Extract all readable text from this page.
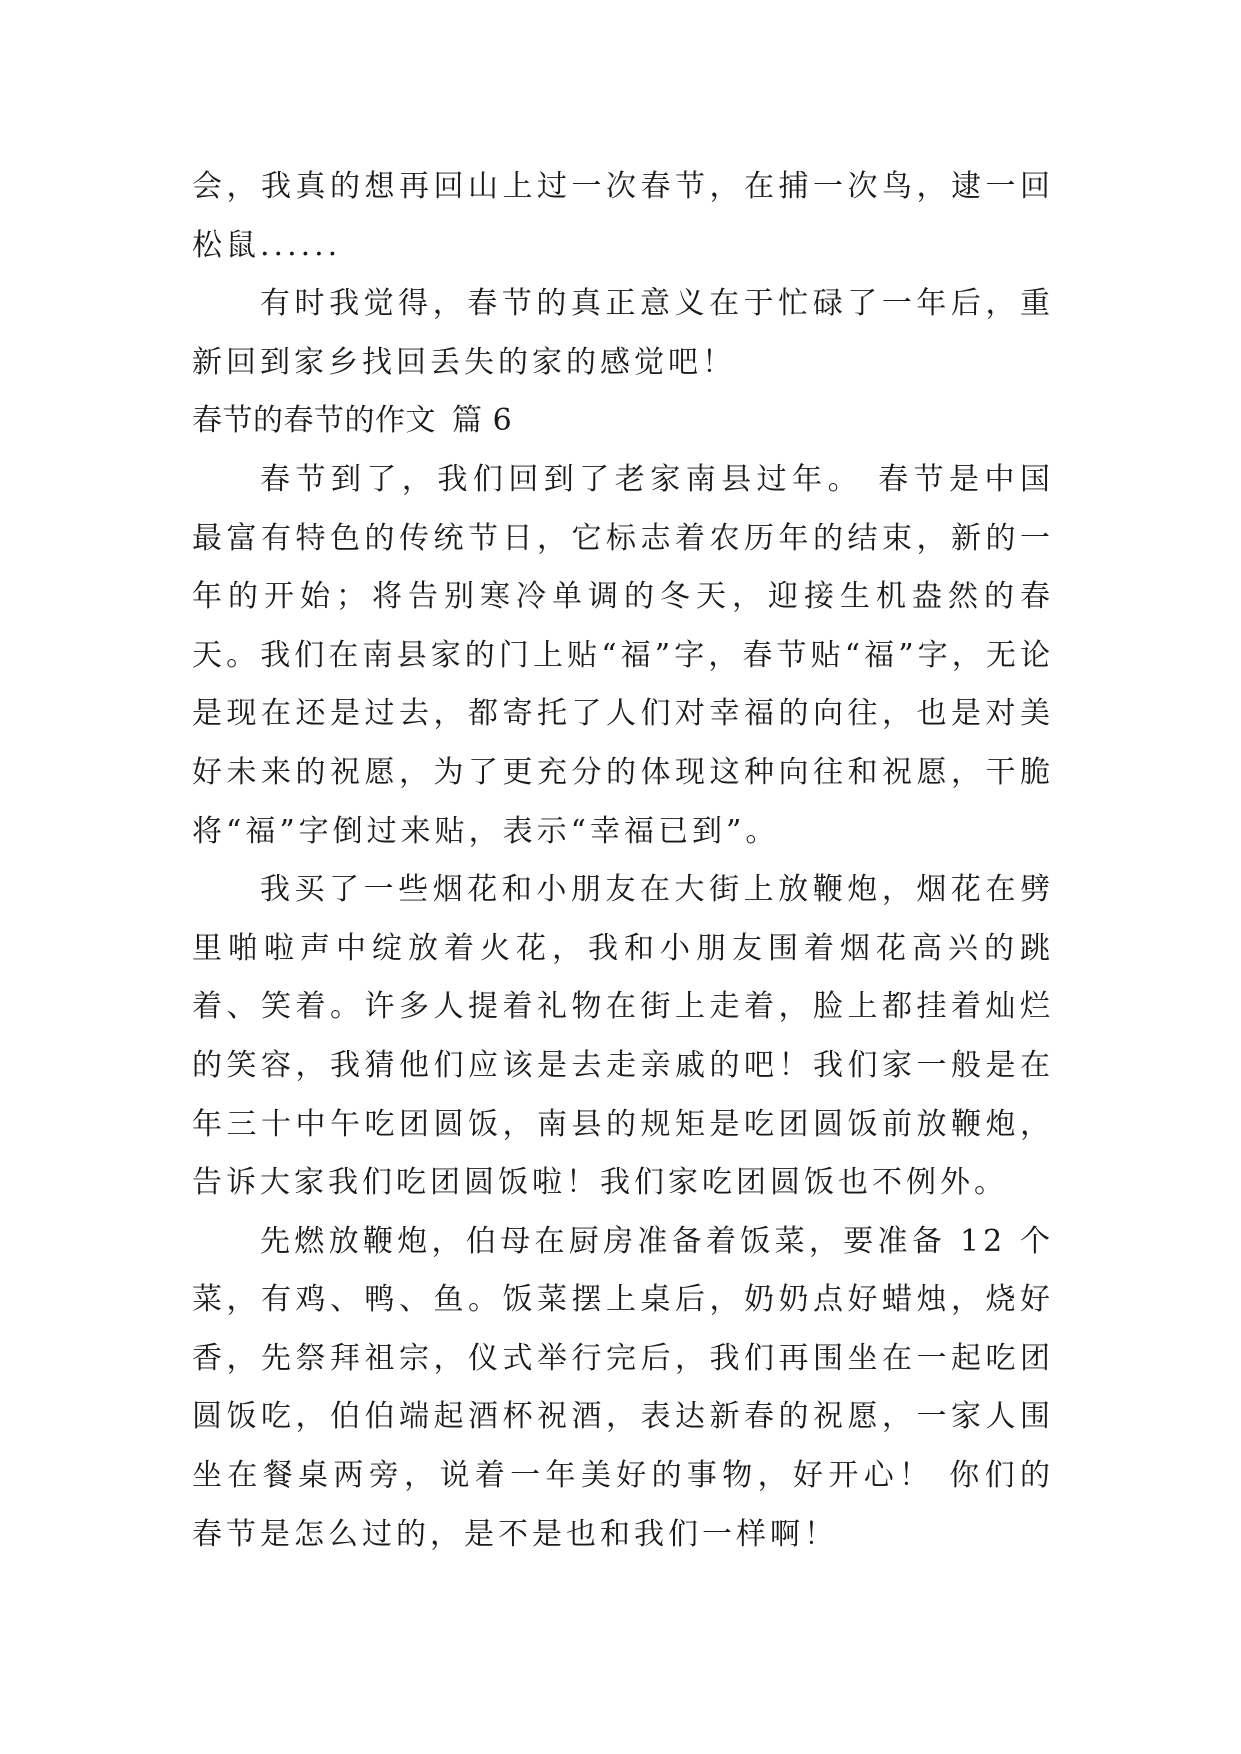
会，我真的想再回山上过一次春节，在捕一次鸟，逮一回松鼠......

有时我觉得，春节的真正意义在于忙碌了一年后，重新回到家乡找回丢失的家的感觉吧！

春节的春节的作文 篇 6

春节到了，我们回到了老家南县过年。 春节是中国最富有特色的传统节日，它标志着农历年的结束，新的一年的开始；将告别寒冷单调的冬天，迎接生机盎然的春天。我们在南县家的门上贴“福”字，春节贴“福”字，无论是现在还是过去，都寄托了人们对幸福的向往，也是对美好未来的祝愿，为了更充分的体现这种向往和祝愿，干脆将“福”字倒过来贴，表示“幸福已到”。

我买了一些烟花和小朋友在大街上放鞭炮，烟花在劈里啪啦声中绽放着火花，我和小朋友围着烟花高兴的跳着、笑着。许多人提着礼物在街上走着，脸上都挂着灿烂的笑容，我猜他们应该是去走亲戚的吧！我们家一般是在年三十中午吃团圆饭，南县的规矩是吃团圆饭前放鞭炮，告诉大家我们吃团圆饭啦！我们家吃团圆饭也不例外。

先燃放鞭炮，伯母在厨房准备着饭菜，要准备 12 个菜，有鸡、鸭、鱼。饭菜摆上桌后，奶奶点好蜡烛，烧好香，先祭拜祖宗，仪式举行完后，我们再围坐在一起吃团圆饭吃，伯伯端起酒杯祝酒，表达新春的祝愿，一家人围坐在餐桌两旁，说着一年美好的事物，好开心！ 你们的春节是怎么过的，是不是也和我们一样啊！
